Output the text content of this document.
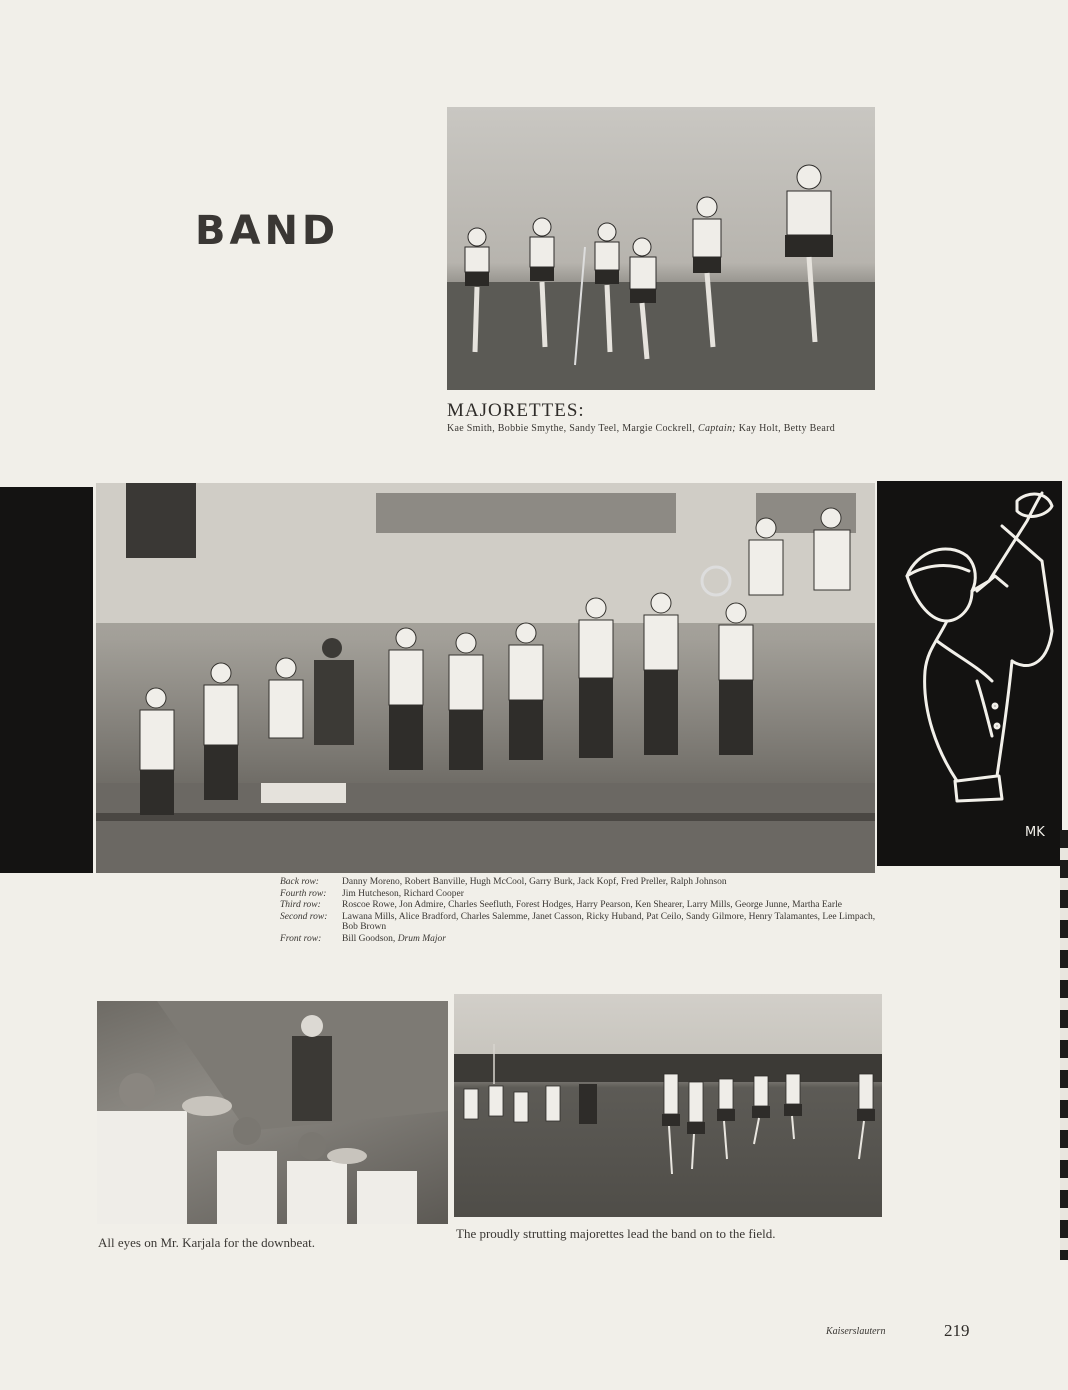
BAND
MAJORETTES:
Kae Smith, Bobbie Smythe, Sandy Teel, Margie Cockrell, Captain; Kay Holt, Betty Beard
MK
Back row:	Danny Moreno, Robert Banville, Hugh McCool, Garry Burk, Jack Kopf, Fred Preller, Ralph Johnson
Fourth row:	Jim Hutcheson, Richard Cooper
Third row:	Roscoe Rowe, Jon Admire, Charles Seefluth, Forest Hodges, Harry Pearson, Ken Shearer, Larry Mills, George Junne, Martha Earle
Second row:	Lawana Mills, Alice Bradford, Charles Salemme, Janet Casson, Ricky Huband, Pat Ceilo, Sandy Gilmore, Henry Talamantes, Lee Limpach, Bob Brown
Front row:	Bill Goodson, Drum Major
All eyes on Mr. Karjala for the downbeat.
The proudly strutting majorettes lead the band on to the field.
Kaiserslautern	219
